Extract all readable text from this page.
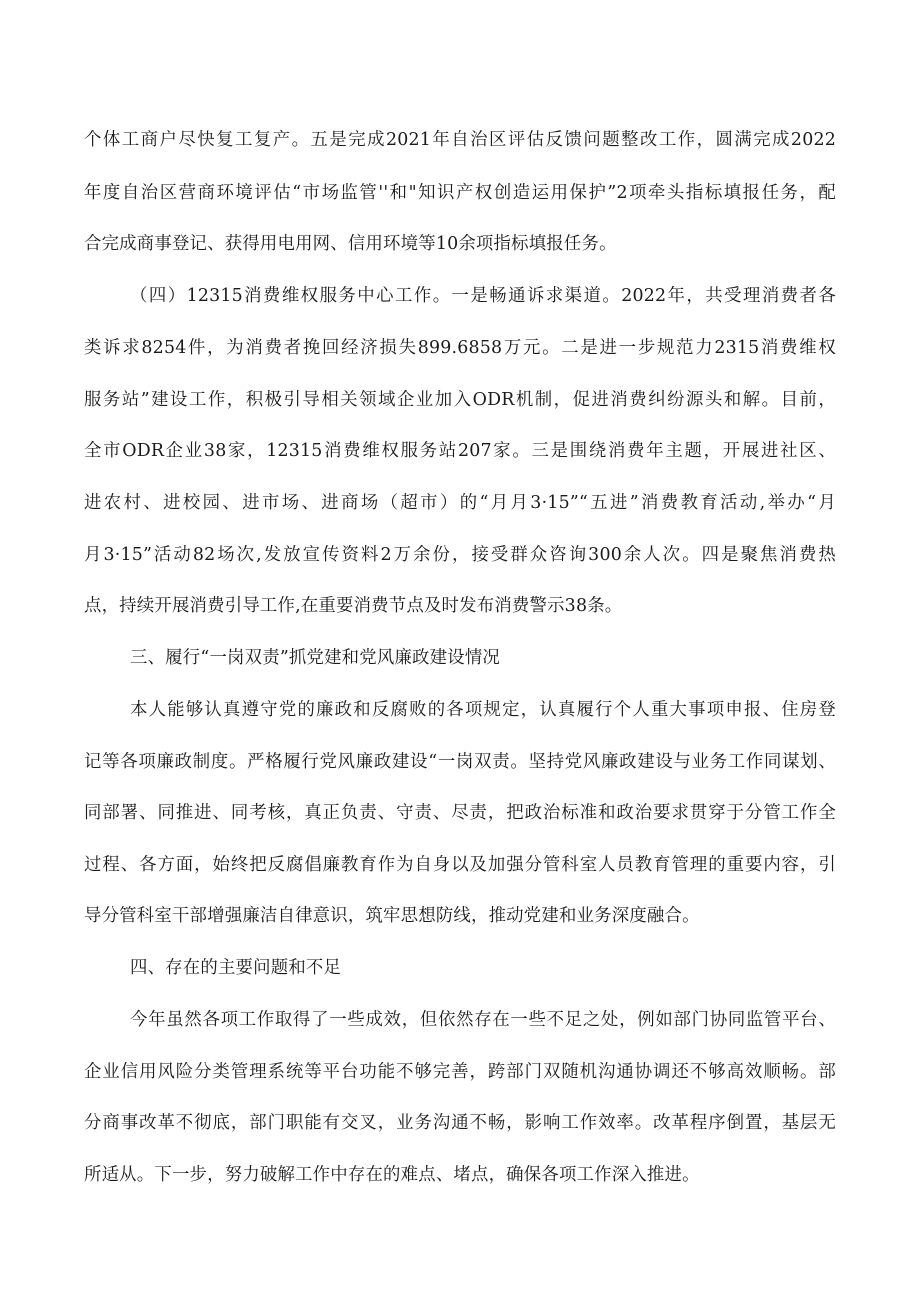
个体工商户尽快复工复产。五是完成2021年自治区评估反馈问题整改工作，圆满完成2022
年度自治区营商环境评估“市场监管''和"知识产权创造运用保护”2项牵头指标填报任务，配
合完成商事登记、获得用电用网、信用环境等10余项指标填报任务。
（四）12315消费维权服务中心工作。一是畅通诉求渠道。2022年，共受理消费者各
类诉求8254件，为消费者挽回经济损失899.6858万元。二是进一步规范力2315消费维权
服务站”建设工作，积极引导相关领域企业加入ODR机制，促进消费纠纷源头和解。目前，
全市ODR企业38家，12315消费维权服务站207家。三是围绕消费年主题，开展进社区、
进农村、进校园、进市场、进商场（超市）的“月月3·15”“五进”消费教育活动,举办“月
月3·15”活动82场次,发放宣传资料2万余份，接受群众咨询300余人次。四是聚焦消费热
点，持续开展消费引导工作,在重要消费节点及时发布消费警示38条。
三、履行“一岗双责”抓党建和党风廉政建设情况
本人能够认真遵守党的廉政和反腐败的各项规定，认真履行个人重大事项申报、住房登
记等各项廉政制度。严格履行党风廉政建设“一岗双责。坚持党风廉政建设与业务工作同谋划、
同部署、同推进、同考核，真正负责、守责、尽责，把政治标准和政治要求贯穿于分管工作全
过程、各方面，始终把反腐倡廉教育作为自身以及加强分管科室人员教育管理的重要内容，引
导分管科室干部增强廉洁自律意识，筑牢思想防线，推动党建和业务深度融合。
四、存在的主要问题和不足
今年虽然各项工作取得了一些成效，但依然存在一些不足之处，例如部门协同监管平台、
企业信用风险分类管理系统等平台功能不够完善，跨部门双随机沟通协调还不够高效顺畅。部
分商事改革不彻底，部门职能有交叉，业务沟通不畅，影响工作效率。改革程序倒置，基层无
所适从。下一步，努力破解工作中存在的难点、堵点，确保各项工作深入推进。
